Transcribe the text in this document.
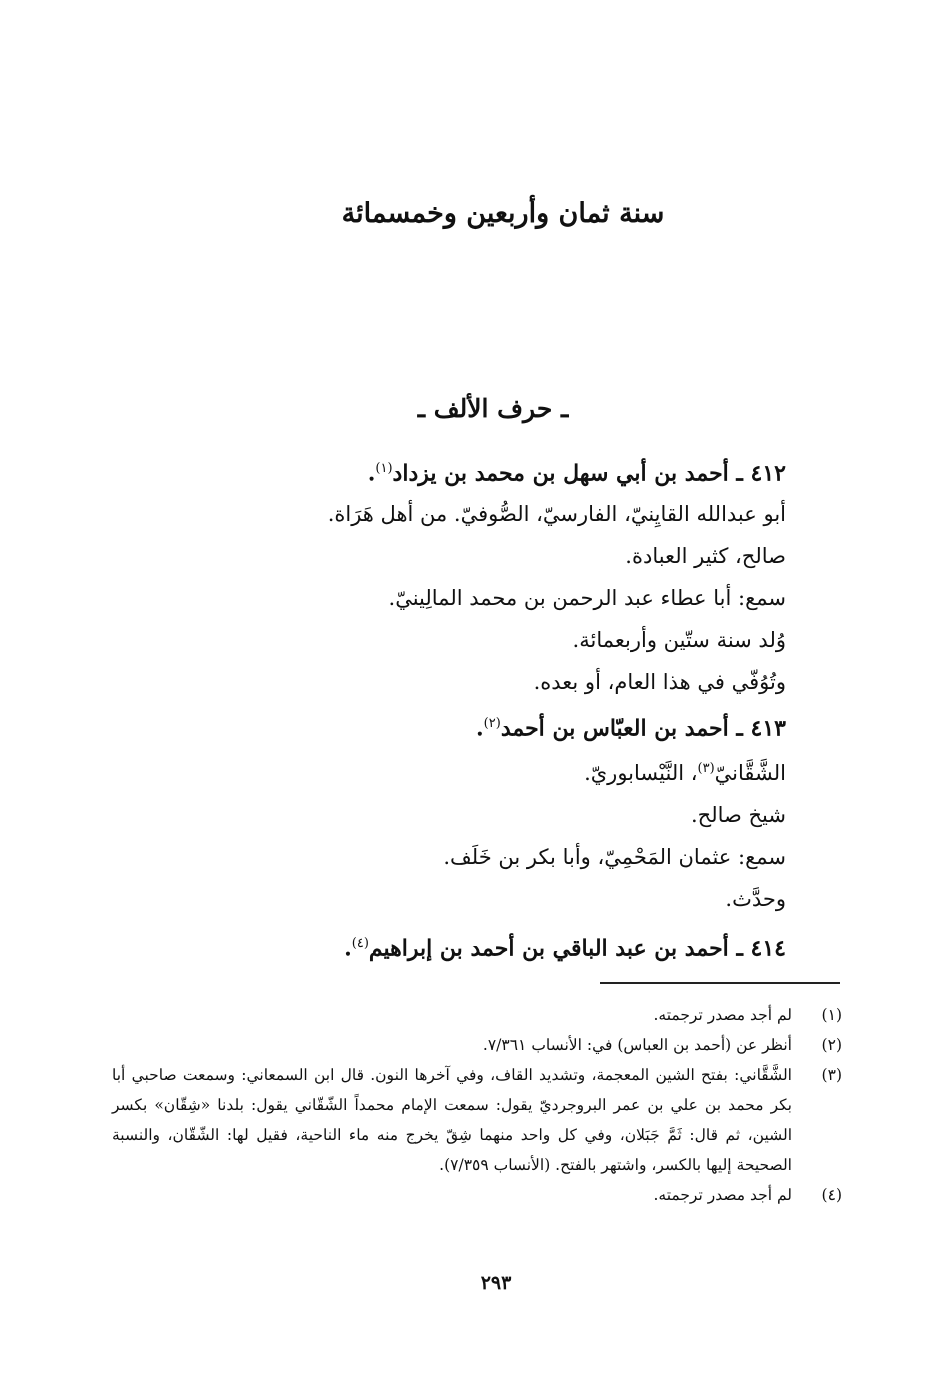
سنة ثمان وأربعين وخمسمائة
ـ حرف الألف ـ
٤١٢ ـ أحمد بن أبي سهل بن محمد بن يزداد$^{(١)}$.
أبو عبدالله القايِنيّ، الفارسيّ، الصُّوفيّ. من أهل هَرَاة.
صالح، كثير العبادة.
سمع: أبا عطاء عبد الرحمن بن محمد المالِينيّ.
وُلد سنة ستّين وأربعمائة.
وتُوُفّي في هذا العام، أو بعده.
٤١٣ ـ أحمد بن العبّاس بن أحمد$^{(٢)}$.
الشَّقَّانيّ$^{(٣)}$، النَّيْسابوريّ.
شيخ صالح.
سمع: عثمان المَحْمِيّ، وأبا بكر بن خَلَف.
وحدَّث.
٤١٤ ـ أحمد بن عبد الباقي بن أحمد بن إبراهيم$^{(٤)}$.
(١)
لم أجد مصدر ترجمته.
(٢)
أنظر عن (أحمد بن العباس) في: الأنساب ٧/٣٦١.
(٣)
الشَّقَّاني: بفتح الشين المعجمة، وتشديد القاف، وفي آخرها النون. قال ابن السمعاني: وسمعت صاحبي أبا بكر محمد بن علي بن عمر البروجرديّ يقول: سمعت الإمام محمداً الشّقّاني يقول: بلدنا «شِقّان» بكسر الشين، ثم قال: ثَمَّ جَبَلان، وفي كل واحد منهما شِقّ يخرج منه ماء الناحية، فقيل لها: الشّقّان، والنسبة الصحيحة إليها بالكسر، واشتهر بالفتح. (الأنساب ٧/٣٥٩).
(٤)
لم أجد مصدر ترجمته.
٢٩٣
